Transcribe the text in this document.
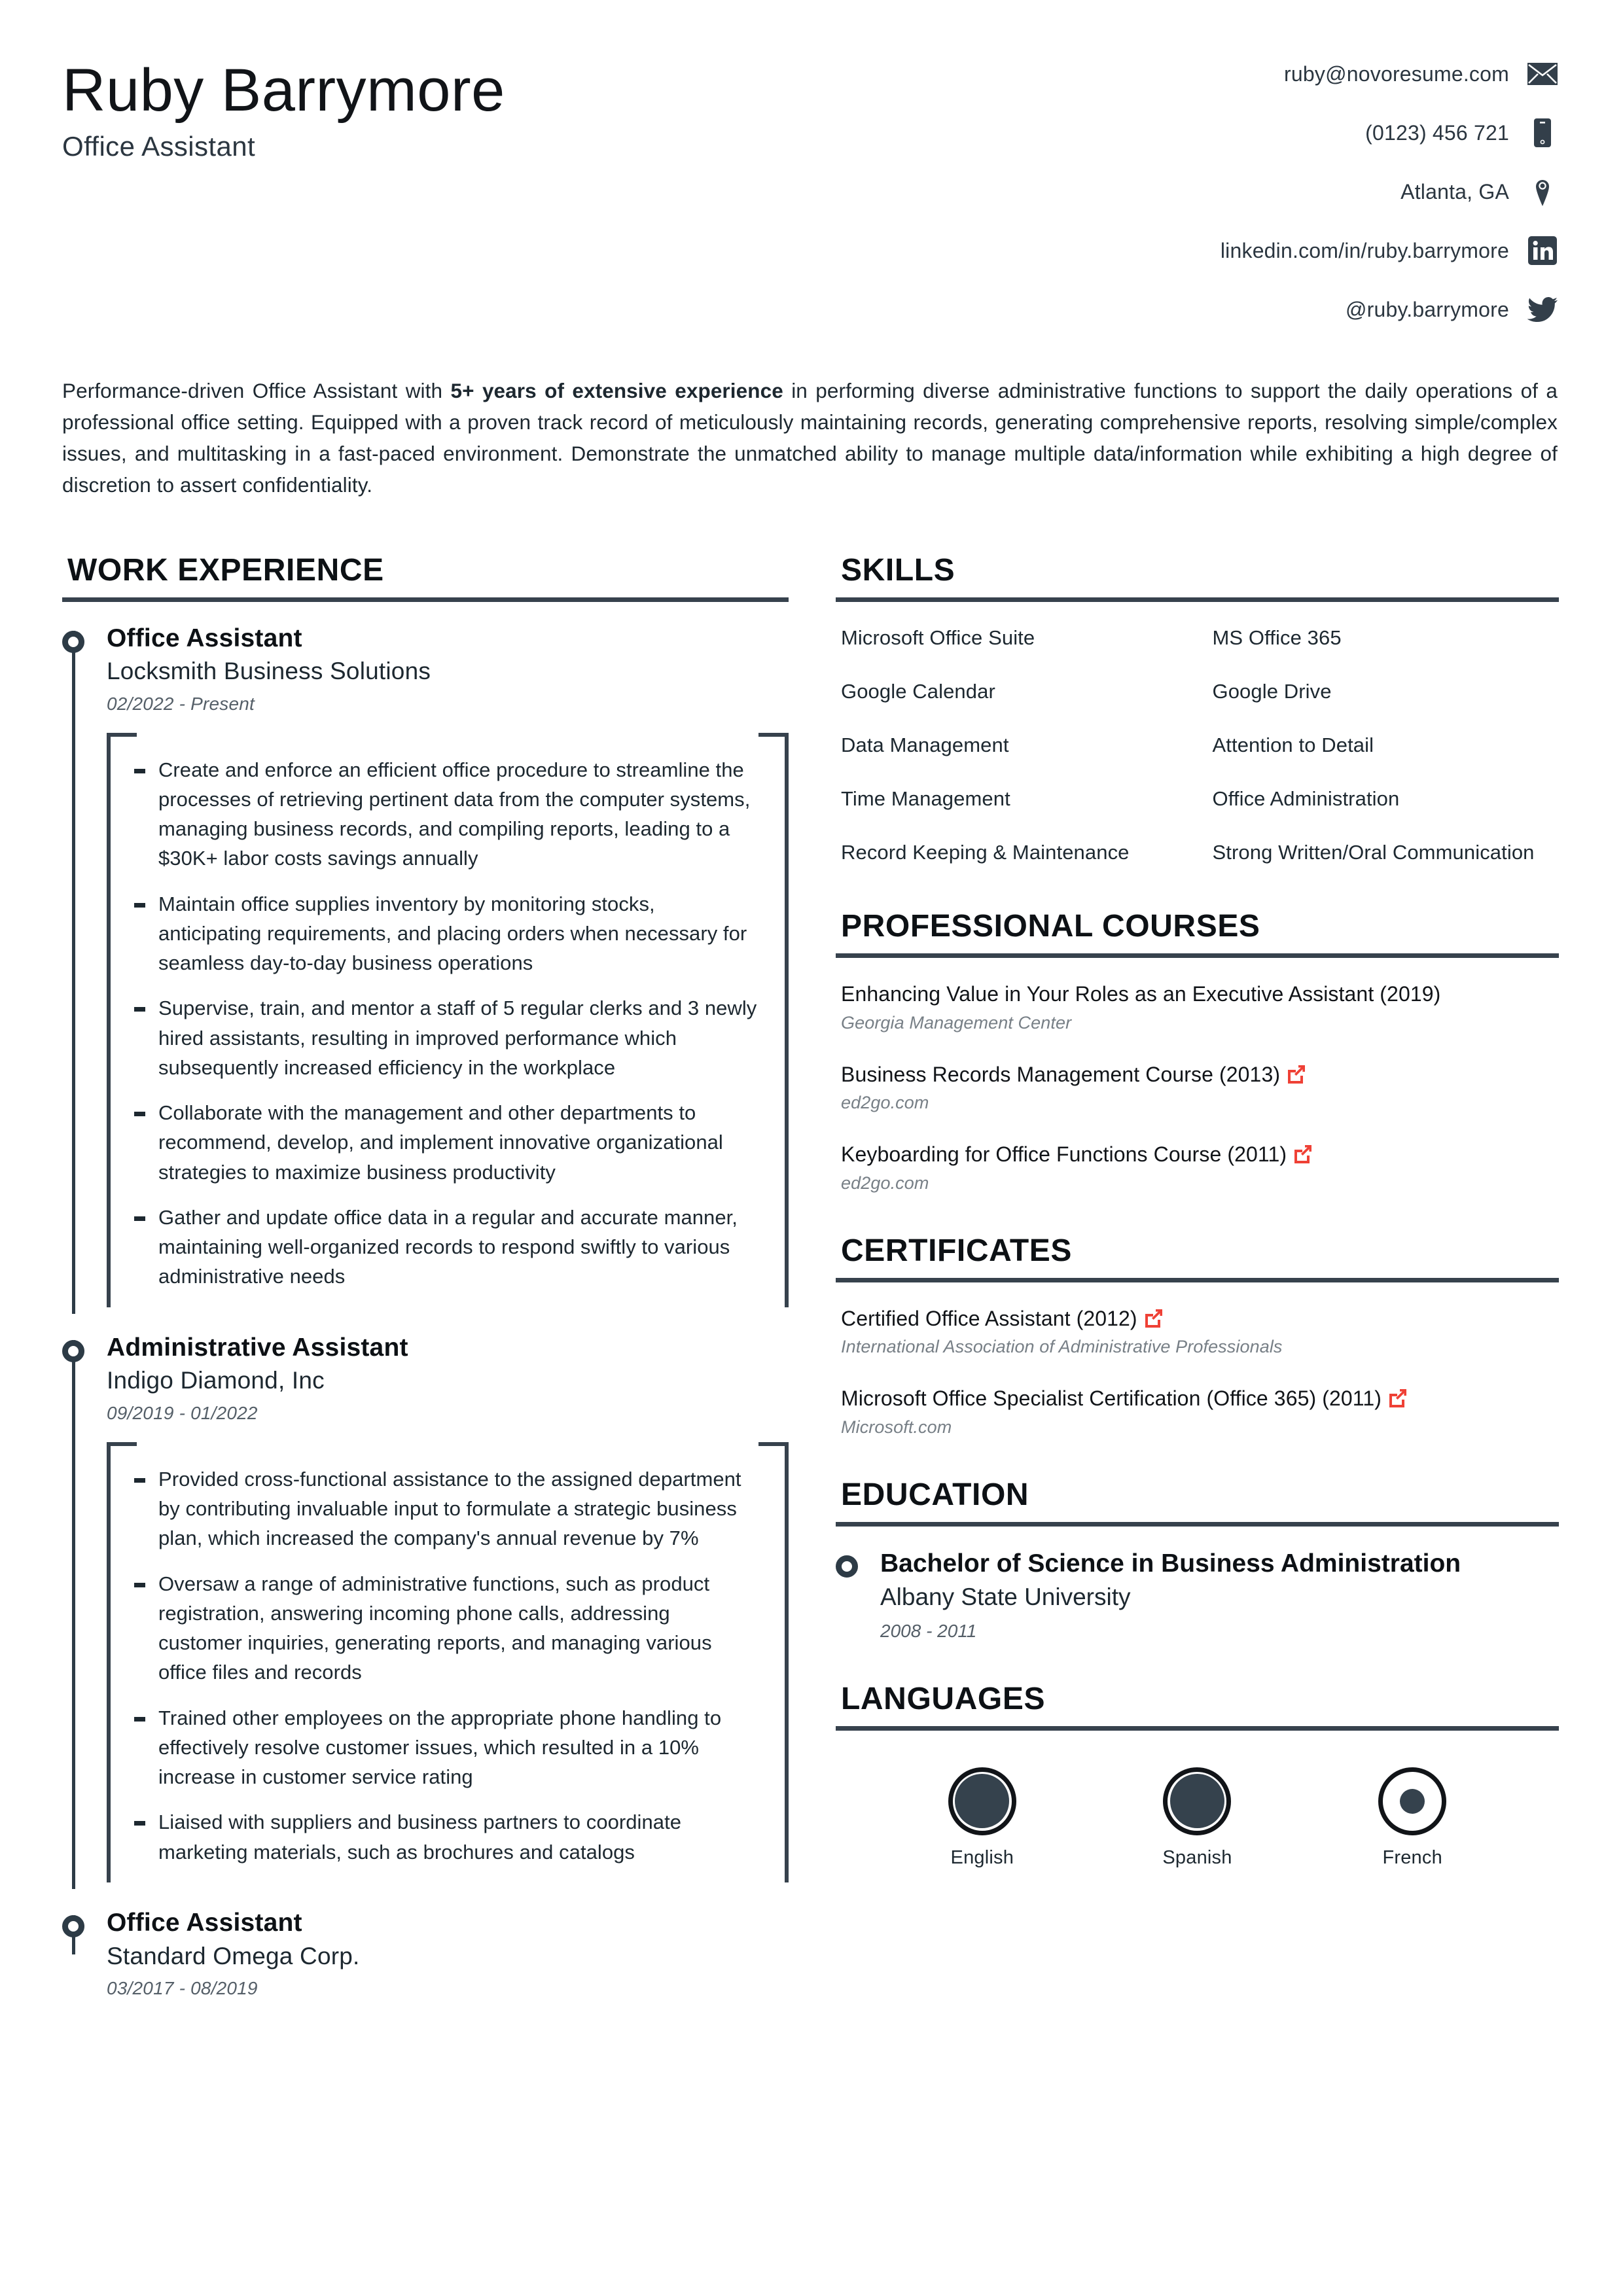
Ruby Barrymore
Office Assistant
ruby@novoresume.com
(0123) 456 721
Atlanta, GA
linkedin.com/in/ruby.barrymore
@ruby.barrymore
Performance-driven Office Assistant with 5+ years of extensive experience in performing diverse administrative functions to support the daily operations of a professional office setting. Equipped with a proven track record of meticulously maintaining records, generating comprehensive reports, resolving simple/complex issues, and multitasking in a fast-paced environment. Demonstrate the unmatched ability to manage multiple data/information while exhibiting a high degree of discretion to assert confidentiality.
WORK EXPERIENCE
Office Assistant
Locksmith Business Solutions
02/2022 - Present
Create and enforce an efficient office procedure to streamline the processes of retrieving pertinent data from the computer systems, managing business records, and compiling reports, leading to a $30K+ labor costs savings annually
Maintain office supplies inventory by monitoring stocks, anticipating requirements, and placing orders when necessary for seamless day-to-day business operations
Supervise, train, and mentor a staff of 5 regular clerks and 3 newly hired assistants, resulting in improved performance which subsequently increased efficiency in the workplace
Collaborate with the management and other departments to recommend, develop, and implement innovative organizational strategies to maximize business productivity
Gather and update office data in a regular and accurate manner, maintaining well-organized records to respond swiftly to various administrative needs
Administrative Assistant
Indigo Diamond, Inc
09/2019 - 01/2022
Provided cross-functional assistance to the assigned department by contributing invaluable input to formulate a strategic business plan, which increased the company's annual revenue by 7%
Oversaw a range of administrative functions, such as product registration, answering incoming phone calls, addressing customer inquiries, generating reports, and managing various office files and records
Trained other employees on the appropriate phone handling to effectively resolve customer issues, which resulted in a 10% increase in customer service rating
Liaised with suppliers and business partners to coordinate marketing materials, such as brochures and catalogs
Office Assistant
Standard Omega Corp.
03/2017 - 08/2019
SKILLS
Microsoft Office Suite	MS Office 365
Google Calendar	Google Drive
Data Management	Attention to Detail
Time Management	Office Administration
Record Keeping & Maintenance	Strong Written/Oral Communication
PROFESSIONAL COURSES
Enhancing Value in Your Roles as an Executive Assistant (2019)
Georgia Management Center
Business Records Management Course (2013)
ed2go.com
Keyboarding for Office Functions Course (2011)
ed2go.com
CERTIFICATES
Certified Office Assistant (2012)
International Association of Administrative Professionals
Microsoft Office Specialist Certification (Office 365) (2011)
Microsoft.com
EDUCATION
Bachelor of Science in Business Administration
Albany State University
2008 - 2011
LANGUAGES
English	Spanish	French
